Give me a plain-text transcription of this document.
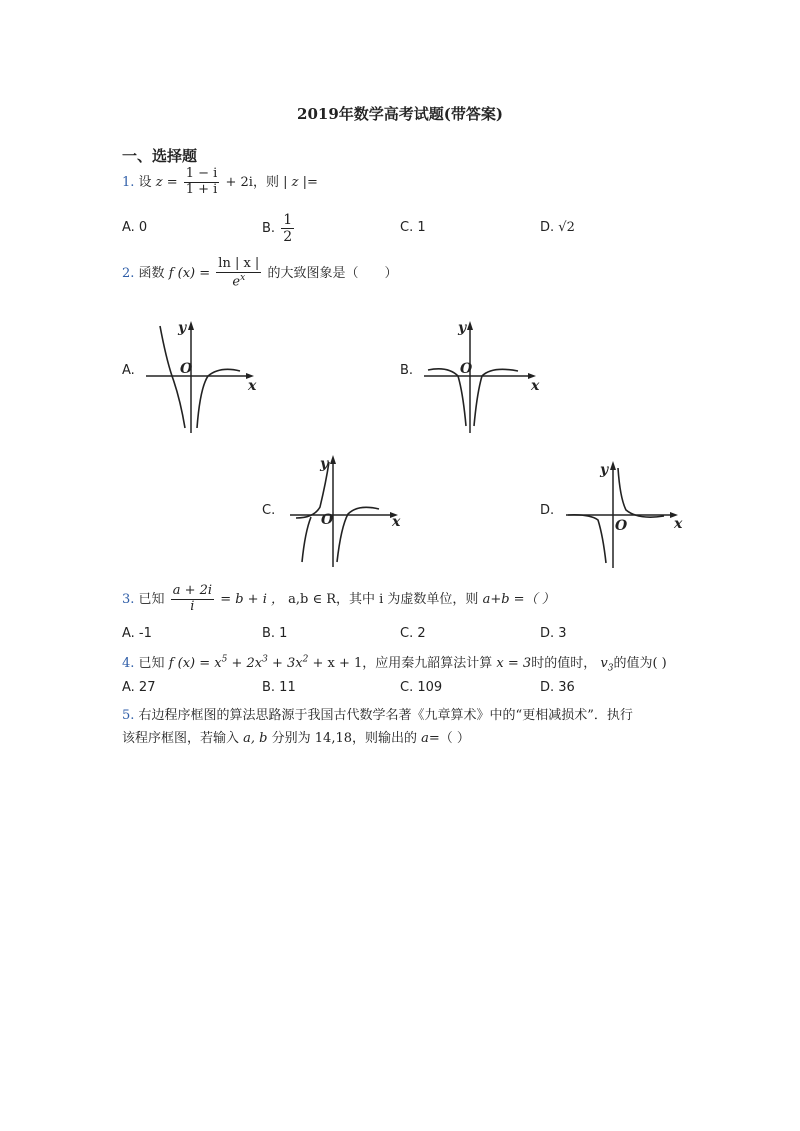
2019年数学高考试题(带答案)
一、选择题
1. 设 $z = \frac{1 - i}{1 + i} + 2i$，则 | z |=
A. 0	B. $\frac{1}{2}$	C. 1	D. √2
2. 函数 f $(x) = \frac{\ln | x |}{e^x}$ 的大致图象是（　　）
A.
y
x
O	B.
y
x
O
C.
y
x
O
D.
y
x
O
3. 已知 $\frac{a + 2i}{i} = b + i$ ， a,b ∈ R，其中 i 为虚数单位，则 a+b =（ ）
A. -1	B. 1	C. 2	D. 3
4. 已知 f $(x) = x^5 + 2x^3 + 3x^2 + x + 1$，应用秦九韶算法计算 x = 3时的值时， $v_3$的值为( )
A. 27	B. 11	C. 109	D. 36
5. 右边程序框图的算法思路源于我国古代数学名著《九章算术》中的“更相减损术”．执行
该程序框图，若输入 a, b 分别为 14,18，则输出的 a=（ ）
